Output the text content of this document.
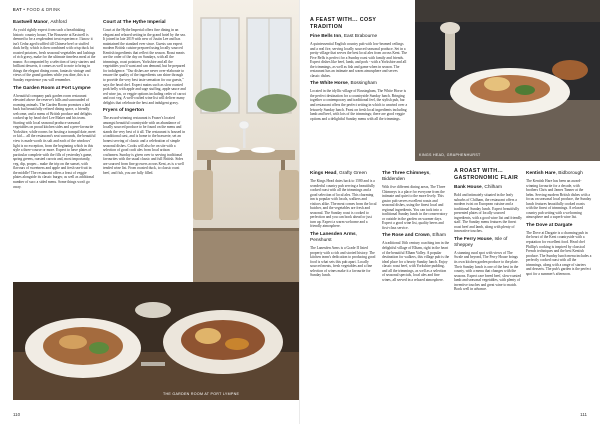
EAT • FOOD & DRINK
Eastwell Manor, Ashford

As you'd rightly expect from such a breathtaking historic country house, The Brasserie at Eastwell is deemed to be a resplendent treat experience. I know it isn't Cedar aged trufffed till Chinese beef or stuffed duck belly, which is then combined with crisp duck fat roasted potatoes, fresh seasonal vegetables and lashings of rich gravy, make for the ultimate timeless meal at the manor. Accompanied by a selection of tasty starters and brilliant desserts, it comes as well to note to bring in things the elegant dining room, fantastic vintage and views of the grand gardens while you dine, this is a Sunday experience you will remember.

The Garden Room at Port Lympne

A beautiful company park garden room restaurant elevated above the reserve's hills and surrounded of roaming animals. The Garden Room promises a laid back but beautifully refined dining space, a friendly welcome, and a menu of British produce and delights cooked up by head chef Lee Maker and his team. Starting with local seasonal produce seasonal vegetables on proud kitchen sides and a peer-favourite Yorkshire, while rooms for hosting a tranquil date, meet or kid.... all the restaurant's seat surrounds, the beautiful view is made worth its salt and each of the windows' light is no exception, from the beginning which in this style a three-course or more. Expect to have plates of particular complete with the fills of yesterday's game, spring greens, roasted carrots and, most importantly, veg, dip, proper... make the trip on the sunset, with flavours of sweetness and apple and fresh sea-fruit in the middle! The restaurant offers a feast of veggie plates alongside its classic burger, as well as additional number of succ a sided menu. Some things won't go away.

Court at The Hythe Imperial

Court at the Hythe Imperial offers fine dining in an elegant and relaxed setting in the grand hotel by the sea. It joined in late 2019 with new of Justin Lee and has maintained the standard ever since. Guests can expect modern British cuisine prepared using locally sourced Kentish ingredients that reflect the season. Roast meats are the order of the day on Sundays, with all the trimmings, roast potatoes, Yorkshire and all the vegetables you'd want and can demand, but be prepared for indulgence. "Our dishes are never over-elaborate to ensure the quality of the ingredients can shine through to provide the very best taste sensation for our guests," says the head chef. Expect mains such as slow roasted pork belly with apple and sage stuffing, apple sauce and red wine jus, or veggie options including ceder of carrot and root veg. A well-crafted wine list will deliver many delights that celebrate the best and indulgent gravy.

Fryers of Ingerton

The award-winning restaurant is Frazer's located amongst beautiful countryside with an abundance of locally sourced produce to be found on the menu and stands the very best of it all. The restaurant is housed in a traditional oast, and is home to the brasserie, set an honest serving of classic and a celebration of simple seasonal dishes. Cooks will also be on site with a selection of good craft ales from local artisan craftsmen. Sunday is given over to serving traditional favourites with the usual classic and full British. Sides are sourced from fine growers across Kent, as is a well tended wine list. From roasted duck, to classic roast beef, and fish, you are fully filled.

THE GARDEN ROOM AT PORT LYMPNE
110
A FEAST WITH... COSY TRADITION
Fine Bells Inn, East Brabourne

A quintessential English country pub with low-beamed ceilings and a real fire, serving locally sourced seasonal produce. Set in a pretty village that serves the best local ales from across Kent. The Five Bells is perfect for a Sunday roast with family and friends. Expect dishes like beef, lamb, and pork - with a Yorkshire and all the trimmings, as well as fish and game when in season. The restaurant has an intimate and warm atmosphere and serves classic dishes.

The White Horse, Bossingham

Located in the idyllic village of Bossingham, The White Horse is the perfect destination for a countryside Sunday lunch. Bringing together a contemporary and traditional feel, the stylish pub, bar and restaurant offers the perfect setting in which to unwind over a leisurely Sunday lunch. Feast on fresh local ingredients including lamb and beef, with lots of the trimmings; there are good veggie options and a delightful Sunday menu with all the trimmings.

KINGS HEAD, GRAPHENHURST
Kings Head, Grafty Green

The Kings Head dates back to 1580 and is a wonderful country pub serving a beautifully cooked roast with all the trimmings and a good selection of local ales. This charming inn is popular with locals, walkers and visitors alike. The meat comes from the local butcher, and the vegetables are fresh and seasonal. The Sunday roast is cooked to perfection and you can book ahead or just turn up. Expect a warm welcome and a friendly atmosphere.

The Lanesden Arms, Penshurst

The Lanesden Arms is a Grade II listed property with a rich and storied history. The kitchen team's dedication to producing good food is what sets this pub apart. Locally sourced meats, fresh vegetables and a fine selection of wines make it a favourite for Sunday lunch.

The Three Chimneys, Biddenden

With five different dining areas, The Three Chimneys is a place for everyone from the intimate and quiet to the more lively. This gastro pub serves excellent roasts and seasonal dishes, using the finest local and regional ingredients. You can tuck into a traditional Sunday lunch in the conservatory or outside in the garden on warmer days. Expect a good wine list, quality beers and first-class service.

The Rose and Crown, Elham

A traditional 16th century coaching inn in the delightful village of Elham, right in the heart of the beautiful Elham Valley. A popular destination for walkers, this village pub is the ideal place for a hearty Sunday lunch. Enjoy classic roast beef, with Yorkshire pudding, and all the trimmings, as well as a selection of seasonal specials, local ales and fine wines, all served in a relaxed atmosphere.

A ROAST WITH... GASTRONOMIC FLAIR
Bank House, Chilham

Bold and intimately situated in the leafy suburbs of Chilham, the restaurant offers a modern twist on European cuisine and a traditional Sunday lunch. Expect beautifully presented plates of locally sourced ingredients, with a good wine list and friendly staff. The Sunday menu features the finest roast beef and lamb, along with plenty of innovative touches.

The Ferry House, Isle of Sheppey

A stunning rural spot with views of The Swale and beyond, The Ferry House brings its own kitchen garden produce to the plate. Their Sunday lunch is one of the best in the county, with a menu that changes with the seasons. Expect rare breed beef, slow-roasted lamb and seasonal vegetables, with plenty of inventive touches and great wine to match. Book well in advance.

Kentish Hare, Bidborough

The Kentish Hare has been an award-winning favourite for a decade, with brothers Chris and James Tanner at the helm. Serving modern British dishes with a focus on seasonal local produce, the Sunday lunch features beautifully cooked roasts with the finest of trimmings. A relaxed country pub setting with a welcoming atmosphere and a superb wine list.

The Dove at Dargate

The Dove at Dargate is a charming pub in the heart of the Kent countryside with a reputation for excellent food. Head chef Phillip's cooking is inspired by classical French techniques and the best Kentish produce. The Sunday lunch menu includes a perfectly cooked roast with all the trimmings, along with a range of starters and desserts. The pub's garden is the perfect spot for a summer's afternoon.

111
